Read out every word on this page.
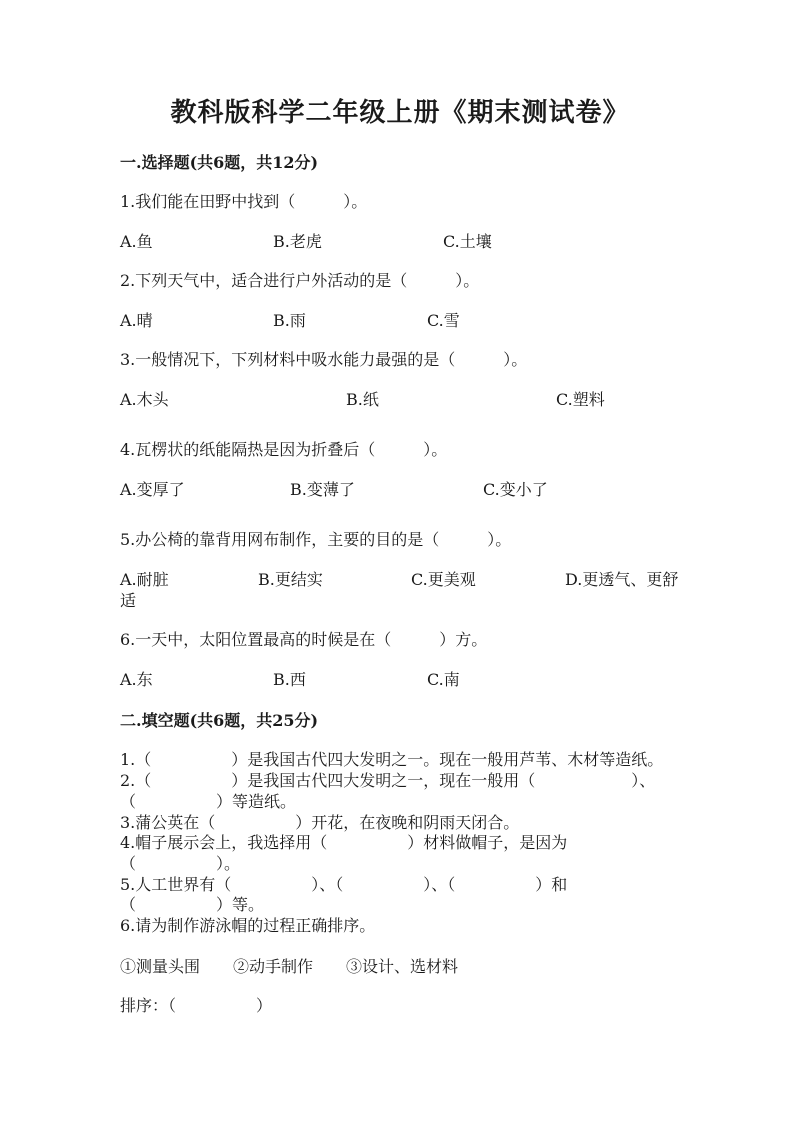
教科版科学二年级上册《期末测试卷》
一.选择题(共6题，共12分)
1.我们能在田野中找到（　　　）。
A.鱼	B.老虎	C.土壤
2.下列天气中，适合进行户外活动的是（　　　）。
A.晴	B.雨	C.雪
3.一般情况下，下列材料中吸水能力最强的是（　　　）。
A.木头	B.纸	C.塑料
4.瓦楞状的纸能隔热是因为折叠后（　　　）。
A.变厚了	B.变薄了	C.变小了
5.办公椅的靠背用网布制作，主要的目的是（　　　）。
A.耐脏	B.更结实	C.更美观	D.更透气、更舒
适
6.一天中，太阳位置最高的时候是在（　　　）方。
A.东	B.西	C.南
二.填空题(共6题，共25分)
1.（　　　　　）是我国古代四大发明之一。现在一般用芦苇、木材等造纸。
2.（　　　　　）是我国古代四大发明之一，现在一般用（　　　　　　）、
（　　　　　）等造纸。
3.蒲公英在（　　　　　）开花，在夜晚和阴雨天闭合。
4.帽子展示会上，我选择用（　　　　　）材料做帽子，是因为
（　　　　　）。
5.人工世界有（　　　　　）、（　　　　　）、（　　　　　）和
（　　　　　）等。
6.请为制作游泳帽的过程正确排序。
①测量头围 ②动手制作 ③设计、选材料
排序：（　　　　　）
